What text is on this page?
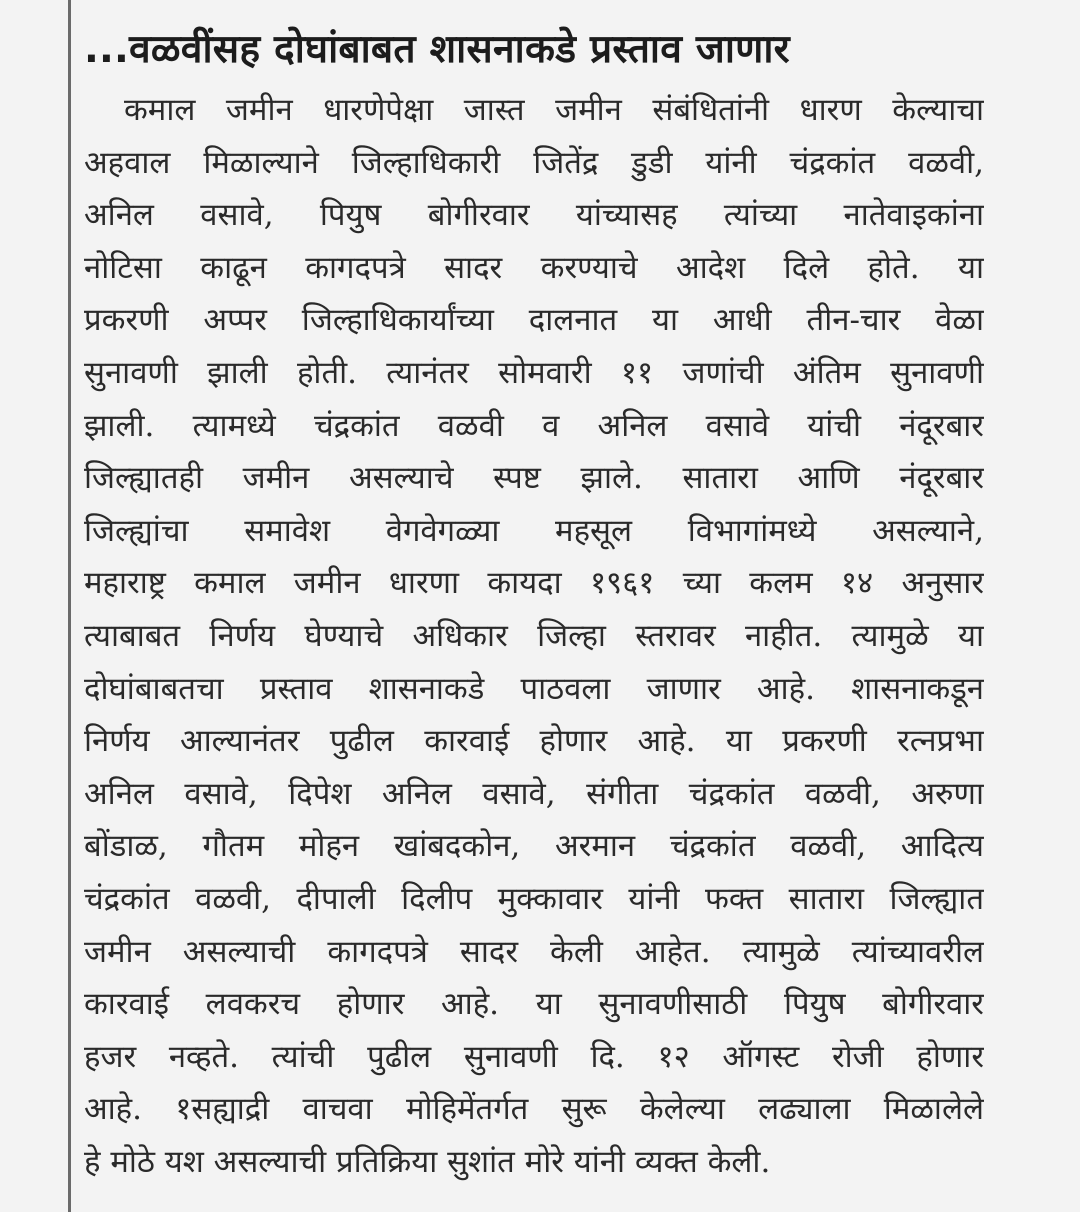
...वळवींसह दोघांबाबत शासनाकडे प्रस्ताव जाणार
कमाल जमीन धारणेपेक्षा जास्त जमीन संबंधितांनी धारण केल्याचा
अहवाल मिळाल्याने जिल्हाधिकारी जितेंद्र डुडी यांनी चंद्रकांत वळवी,
अनिल वसावे, पियुष बोगीरवार यांच्यासह त्यांच्या नातेवाइकांना
नोटिसा काढून कागदपत्रे सादर करण्याचे आदेश दिले होते. या
प्रकरणी अप्पर जिल्हाधिकार्यांच्या दालनात या आधी तीन-चार वेळा
सुनावणी झाली होती. त्यानंतर सोमवारी ११ जणांची अंतिम सुनावणी
झाली. त्यामध्ये चंद्रकांत वळवी व अनिल वसावे यांची नंदूरबार
जिल्ह्यातही जमीन असल्याचे स्पष्ट झाले. सातारा आणि नंदूरबार
जिल्ह्यांचा समावेश वेगवेगळ्या महसूल विभागांमध्ये असल्याने,
महाराष्ट्र कमाल जमीन धारणा कायदा १९६१ च्या कलम १४ अनुसार
त्याबाबत निर्णय घेण्याचे अधिकार जिल्हा स्तरावर नाहीत. त्यामुळे या
दोघांबाबतचा प्रस्ताव शासनाकडे पाठवला जाणार आहे. शासनाकडून
निर्णय आल्यानंतर पुढील कारवाई होणार आहे. या प्रकरणी रत्नप्रभा
अनिल वसावे, दिपेश अनिल वसावे, संगीता चंद्रकांत वळवी, अरुणा
बोंडाळ, गौतम मोहन खांबदकोन, अरमान चंद्रकांत वळवी, आदित्य
चंद्रकांत वळवी, दीपाली दिलीप मुक्कावार यांनी फक्त सातारा जिल्ह्यात
जमीन असल्याची कागदपत्रे सादर केली आहेत. त्यामुळे त्यांच्यावरील
कारवाई लवकरच होणार आहे. या सुनावणीसाठी पियुष बोगीरवार
हजर नव्हते. त्यांची पुढील सुनावणी दि. १२ ऑगस्ट रोजी होणार
आहे. १सह्याद्री वाचवा मोहिमेंतर्गत सुरू केलेल्या लढ्याला मिळालेले
हे मोठे यश असल्याची प्रतिक्रिया सुशांत मोरे यांनी व्यक्त केली.
